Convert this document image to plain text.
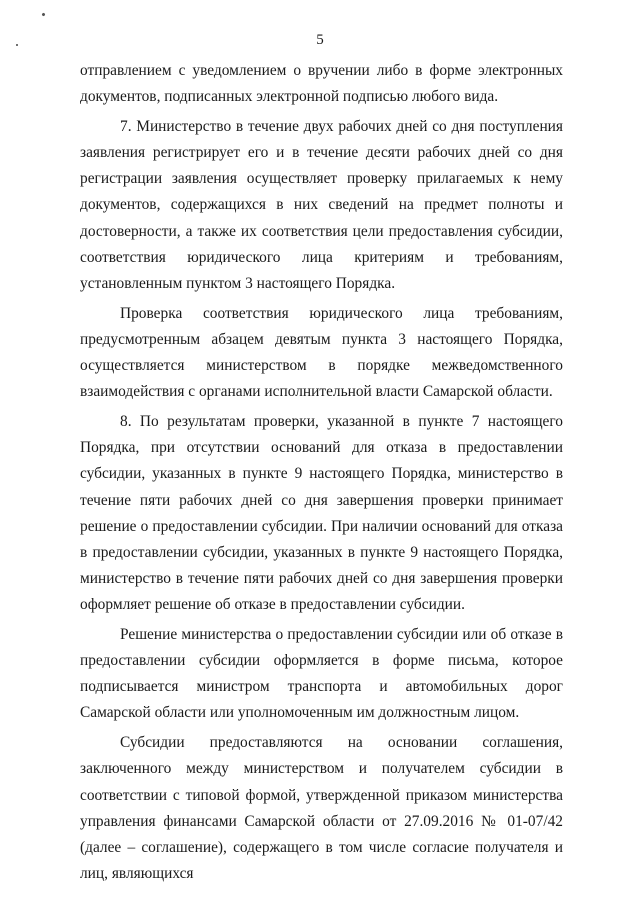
5

отправлением с уведомлением о вручении либо в форме электронных документов, подписанных электронной подписью любого вида.

7. Министерство в течение двух рабочих дней со дня поступления заявления регистрирует его и в течение десяти рабочих дней со дня регистрации заявления осуществляет проверку прилагаемых к нему документов, содержащихся в них сведений на предмет полноты и достоверности, а также их соответствия цели предоставления субсидии, соответствия юридического лица критериям и требованиям, установленным пунктом 3 настоящего Порядка.

Проверка соответствия юридического лица требованиям, предусмотренным абзацем девятым пункта 3 настоящего Порядка, осуществляется министерством в порядке межведомственного взаимодействия с органами исполнительной власти Самарской области.

8. По результатам проверки, указанной в пункте 7 настоящего Порядка, при отсутствии оснований для отказа в предоставлении субсидии, указанных в пункте 9 настоящего Порядка, министерство в течение пяти рабочих дней со дня завершения проверки принимает решение о предоставлении субсидии. При наличии оснований для отказа в предоставлении субсидии, указанных в пункте 9 настоящего Порядка, министерство в течение пяти рабочих дней со дня завершения проверки оформляет решение об отказе в предоставлении субсидии.

Решение министерства о предоставлении субсидии или об отказе в предоставлении субсидии оформляется в форме письма, которое подписывается министром транспорта и автомобильных дорог Самарской области или уполномоченным им должностным лицом.

Субсидии предоставляются на основании соглашения, заключенного между министерством и получателем субсидии в соответствии с типовой формой, утвержденной приказом министерства управления финансами Самарской области от 27.09.2016 № 01-07/42 (далее – соглашение), содержащего в том числе согласие получателя и лиц, являющихся
